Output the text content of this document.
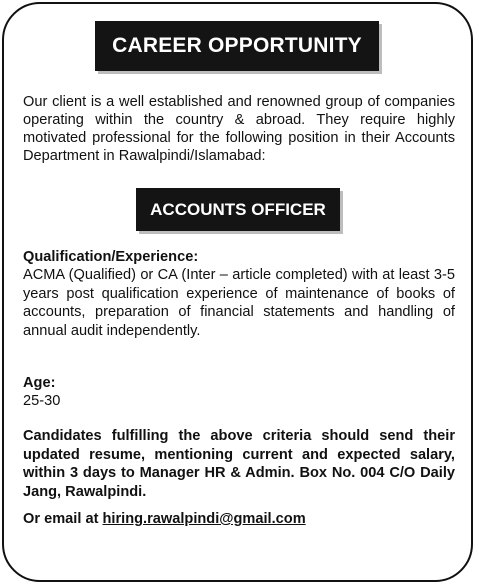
CAREER OPPORTUNITY
Our client is a well established and renowned group of companies operating within the country & abroad. They require highly motivated professional for the following position in their Accounts Department in Rawalpindi/Islamabad:
ACCOUNTS OFFICER
Qualification/Experience:
ACMA (Qualified) or CA (Inter – article completed) with at least 3-5 years post qualification experience of maintenance of books of accounts, preparation of financial statements and handling of annual audit independently.
Age:
25-30
Candidates fulfilling the above criteria should send their updated resume, mentioning current and expected salary, within 3 days to Manager HR & Admin. Box No. 004 C/O Daily Jang, Rawalpindi.
Or email at hiring.rawalpindi@gmail.com
